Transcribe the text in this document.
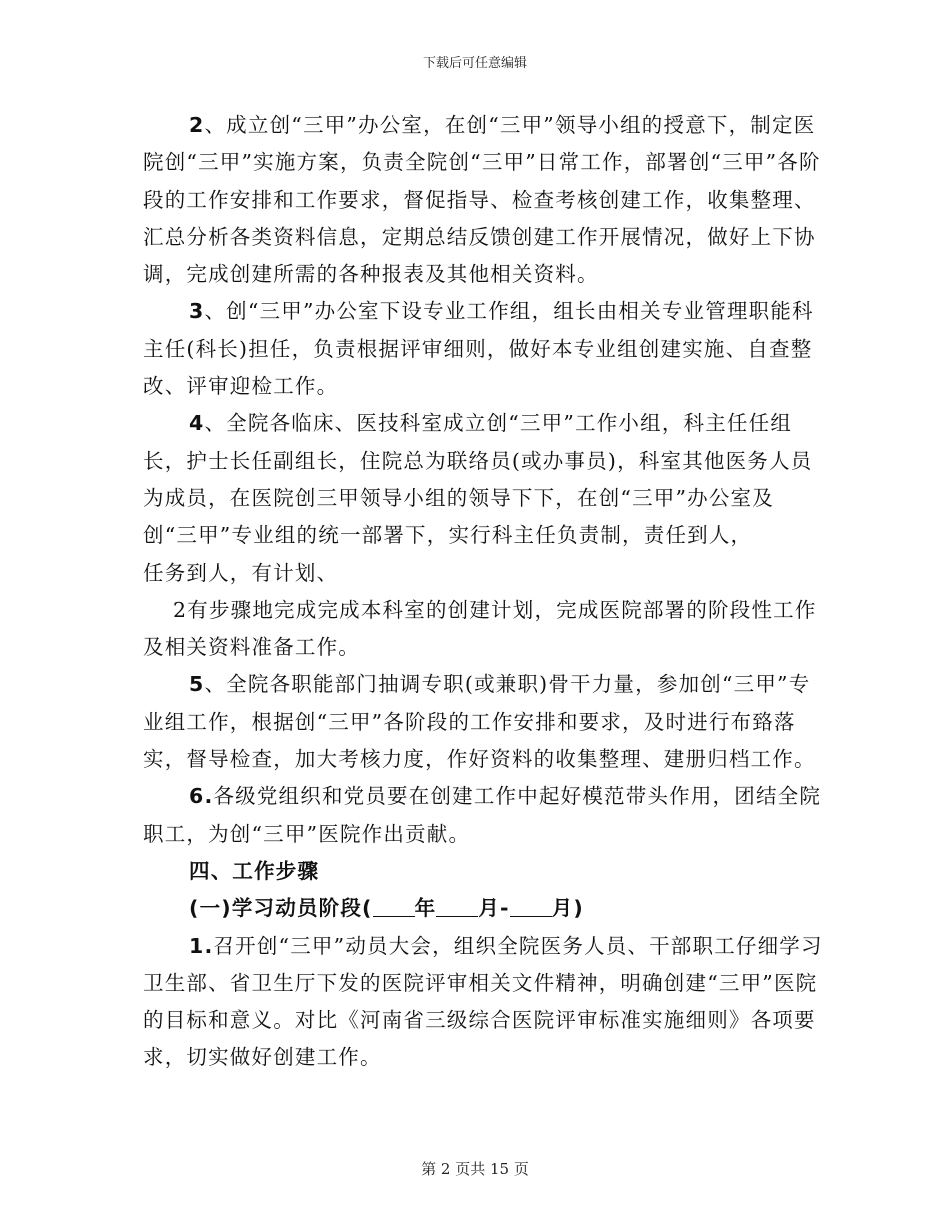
下载后可任意编辑

2、成立创“三甲”办公室，在创“三甲”领导小组的授意下，制定医院创“三甲”实施方案，负责全院创“三甲”日常工作，部署创“三甲”各阶段的工作安排和工作要求，督促指导、检查考核创建工作，收集整理、汇总分析各类资料信息，定期总结反馈创建工作开展情况，做好上下协调，完成创建所需的各种报表及其他相关资料。

3、创“三甲”办公室下设专业工作组，组长由相关专业管理职能科主任(科长)担任，负责根据评审细则，做好本专业组创建实施、自查整改、评审迎检工作。

4、全院各临床、医技科室成立创“三甲”工作小组，科主任任组长，护士长任副组长，住院总为联络员(或办事员)，科室其他医务人员为成员，在医院创三甲领导小组的领导下下，在创“三甲”办公室及创“三甲”专业组的统一部署下，实行科主任负责制，责任到人，

任务到人，有计划、

2有步骤地完成完成本科室的创建计划，完成医院部署的阶段性工作及相关资料准备工作。

5、全院各职能部门抽调专职(或兼职)骨干力量，参加创“三甲”专业组工作，根据创“三甲”各阶段的工作安排和要求，及时进行布臵落实，督导检查，加大考核力度，作好资料的收集整理、建册归档工作。

6.各级党组织和党员要在创建工作中起好模范带头作用，团结全院职工，为创“三甲”医院作出贡献。

四、工作步骤

(一)学习动员阶段( 年 月- 月)

1.召开创“三甲”动员大会，组织全院医务人员、干部职工仔细学习卫生部、省卫生厅下发的医院评审相关文件精神，明确创建“三甲”医院的目标和意义。对比《河南省三级综合医院评审标准实施细则》各项要求，切实做好创建工作。

第 2 页共 15 页
